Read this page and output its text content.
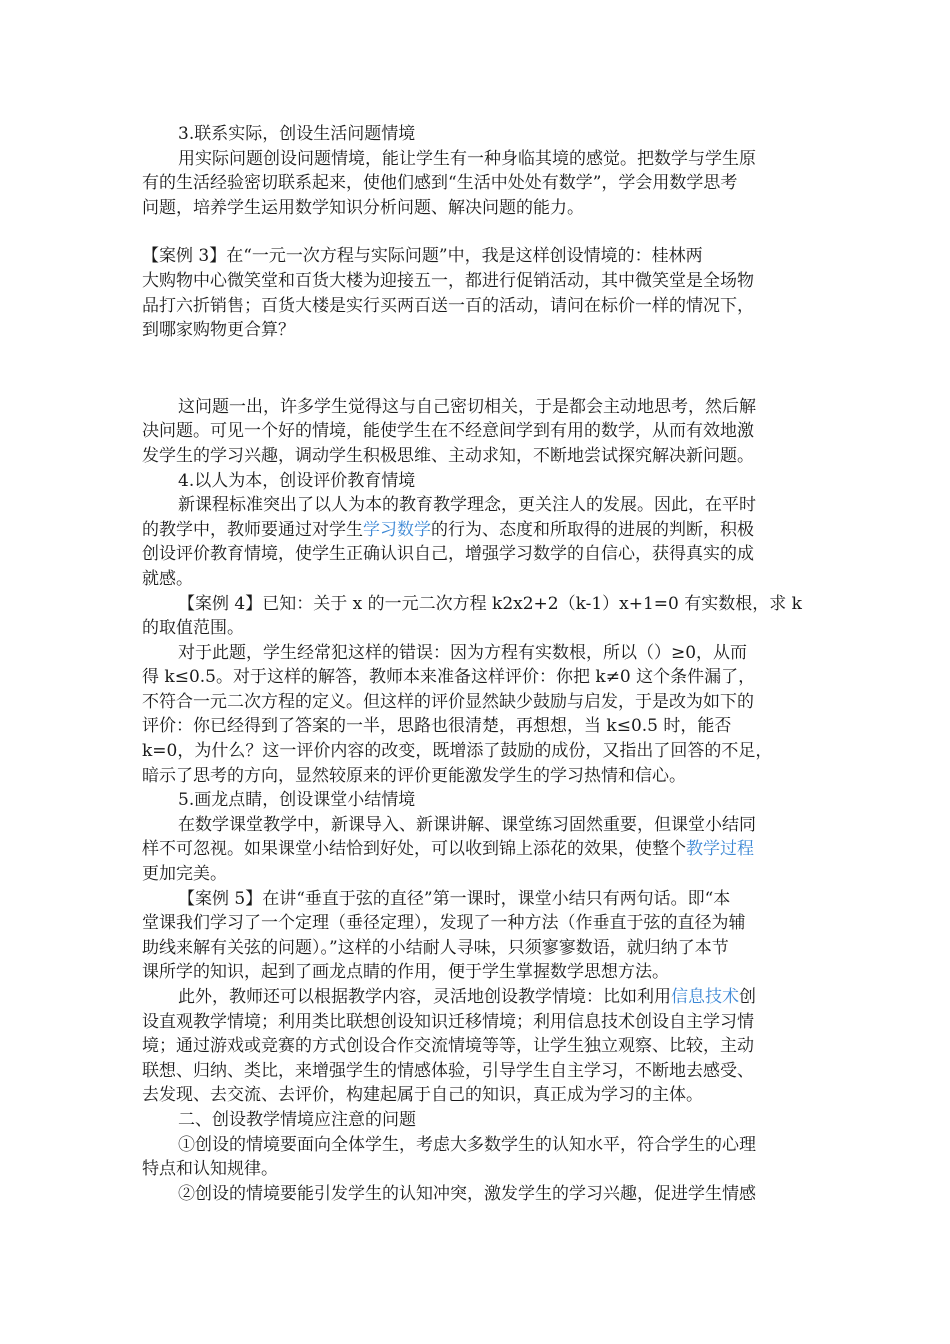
3.联系实际，创设生活问题情境
用实际问题创设问题情境，能让学生有一种身临其境的感觉。把数学与学生原
有的生活经验密切联系起来，使他们感到“生活中处处有数学”，学会用数学思考
问题，培养学生运用数学知识分析问题、解决问题的能力。
【案例 3】在“一元一次方程与实际问题”中，我是这样创设情境的：桂林两
大购物中心微笑堂和百货大楼为迎接五一，都进行促销活动，其中微笑堂是全场物
品打六折销售；百货大楼是实行买两百送一百的活动，请问在标价一样的情况下，
到哪家购物更合算？
这问题一出，许多学生觉得这与自己密切相关，于是都会主动地思考，然后解
决问题。可见一个好的情境，能使学生在不经意间学到有用的数学，从而有效地激
发学生的学习兴趣，调动学生积极思维、主动求知，不断地尝试探究解决新问题。
4.以人为本，创设评价教育情境
新课程标准突出了以人为本的教育教学理念，更关注人的发展。因此，在平时
的教学中，教师要通过对学生学习数学的行为、态度和所取得的进展的判断，积极
创设评价教育情境，使学生正确认识自己，增强学习数学的自信心，获得真实的成
就感。
【案例 4】已知：关于 x 的一元二次方程 k2x2+2（k-1）x+1=0 有实数根，求 k
的取值范围。
对于此题，学生经常犯这样的错误：因为方程有实数根，所以（）≥0，从而
得 k≤0.5。对于这样的解答，教师本来准备这样评价：你把 k≠0 这个条件漏了，
不符合一元二次方程的定义。但这样的评价显然缺少鼓励与启发，于是改为如下的
评价：你已经得到了答案的一半，思路也很清楚，再想想，当 k≤0.5 时，能否
k=0，为什么？这一评价内容的改变，既增添了鼓励的成份，又指出了回答的不足，
暗示了思考的方向，显然较原来的评价更能激发学生的学习热情和信心。
5.画龙点睛，创设课堂小结情境
在数学课堂教学中，新课导入、新课讲解、课堂练习固然重要，但课堂小结同
样不可忽视。如果课堂小结恰到好处，可以收到锦上添花的效果，使整个教学过程
更加完美。
【案例 5】在讲“垂直于弦的直径”第一课时，课堂小结只有两句话。即“本
堂课我们学习了一个定理（垂径定理），发现了一种方法（作垂直于弦的直径为辅
助线来解有关弦的问题）。”这样的小结耐人寻味，只须寥寥数语，就归纳了本节
课所学的知识，起到了画龙点睛的作用，便于学生掌握数学思想方法。
此外，教师还可以根据教学内容，灵活地创设教学情境：比如利用信息技术创
设直观教学情境；利用类比联想创设知识迁移情境；利用信息技术创设自主学习情
境；通过游戏或竞赛的方式创设合作交流情境等等，让学生独立观察、比较，主动
联想、归纳、类比，来增强学生的情感体验，引导学生自主学习，不断地去感受、
去发现、去交流、去评价，构建起属于自己的知识，真正成为学习的主体。
二、创设教学情境应注意的问题
①创设的情境要面向全体学生，考虑大多数学生的认知水平，符合学生的心理
特点和认知规律。
②创设的情境要能引发学生的认知冲突，激发学生的学习兴趣，促进学生情感
